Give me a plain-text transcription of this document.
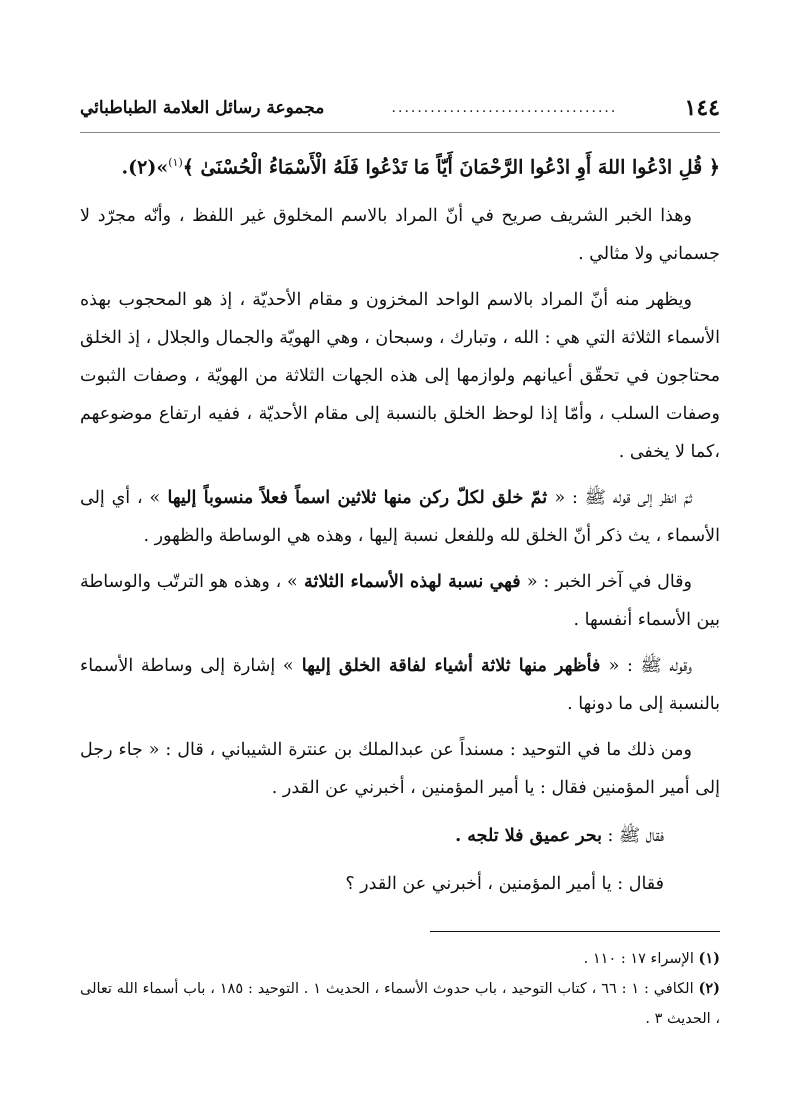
١٤٤
...................................
مجموعة رسائل العلامة الطباطبائي
﴿ قُلِ ادْعُوا اللهَ أَوِ ادْعُوا الرَّحْمَانَ أَيّاً مَا تَدْعُوا فَلَهُ الْأَسْمَاءُ الْحُسْنَىٰ ﴾$^{(١)}$»(٢).

وهذا الخبر الشريف صريح في أنّ المراد بالاسم المخلوق غير اللفظ ، وأنّه مجرّد لا جسماني ولا مثالي .

ويظهر منه أنّ المراد بالاسم الواحد المخزون و مقام الأحديّة ، إذ هو المحجوب بهذه الأسماء الثلاثة التي هي : الله ، وتبارك ، وسبحان ، وهي الهويّة والجمال والجلال ، إذ الخلق محتاجون في تحقّق أعيانهم ولوازمها إلى هذه الجهات الثلاثة من الهويّة ، وصفات الثبوت وصفات السلب ، وأمّا إذا لوحظ الخلق بالنسبة إلى مقام الأحديّة ، ففيه ارتفاع موضوعهم ،كما لا يخفى .

ثمّ انظر إلى قوله ﷺ : « ثمّ خلق لكلّ ركن منها ثلاثين اسماً فعلاً منسوباً إليها » ، أي إلى الأسماء ، يث ذكر أنّ الخلق لله وللفعل نسبة إليها ، وهذه هي الوساطة والظهور .

وقال في آخر الخبر : « فهي نسبة لهذه الأسماء الثلاثة » ، وهذه هو الترتّب والوساطة بين الأسماء أنفسها .

وقوله ﷺ : « فأظهر منها ثلاثة أشياء لفاقة الخلق إليها » إشارة إلى وساطة الأسماء بالنسبة إلى ما دونها .

ومن ذلك ما في التوحيد : مسنداً عن عبدالملك بن عنترة الشيباني ، قال : « جاء رجل إلى أمير المؤمنين فقال : يا أمير المؤمنين ، أخبرني عن القدر .

فقال ﷺ : بحر عميق فلا تلجه .
فقال : يا أمير المؤمنين ، أخبرني عن القدر ؟
(١) الإسراء ١٧ : ١١٠ .
(٢) الكافي : ١ : ٦٦ ، كتاب التوحيد ، باب حدوث الأسماء ، الحديث ١ . التوحيد : ١٨٥ ، باب أسماء الله تعالى ، الحديث ٣ .
